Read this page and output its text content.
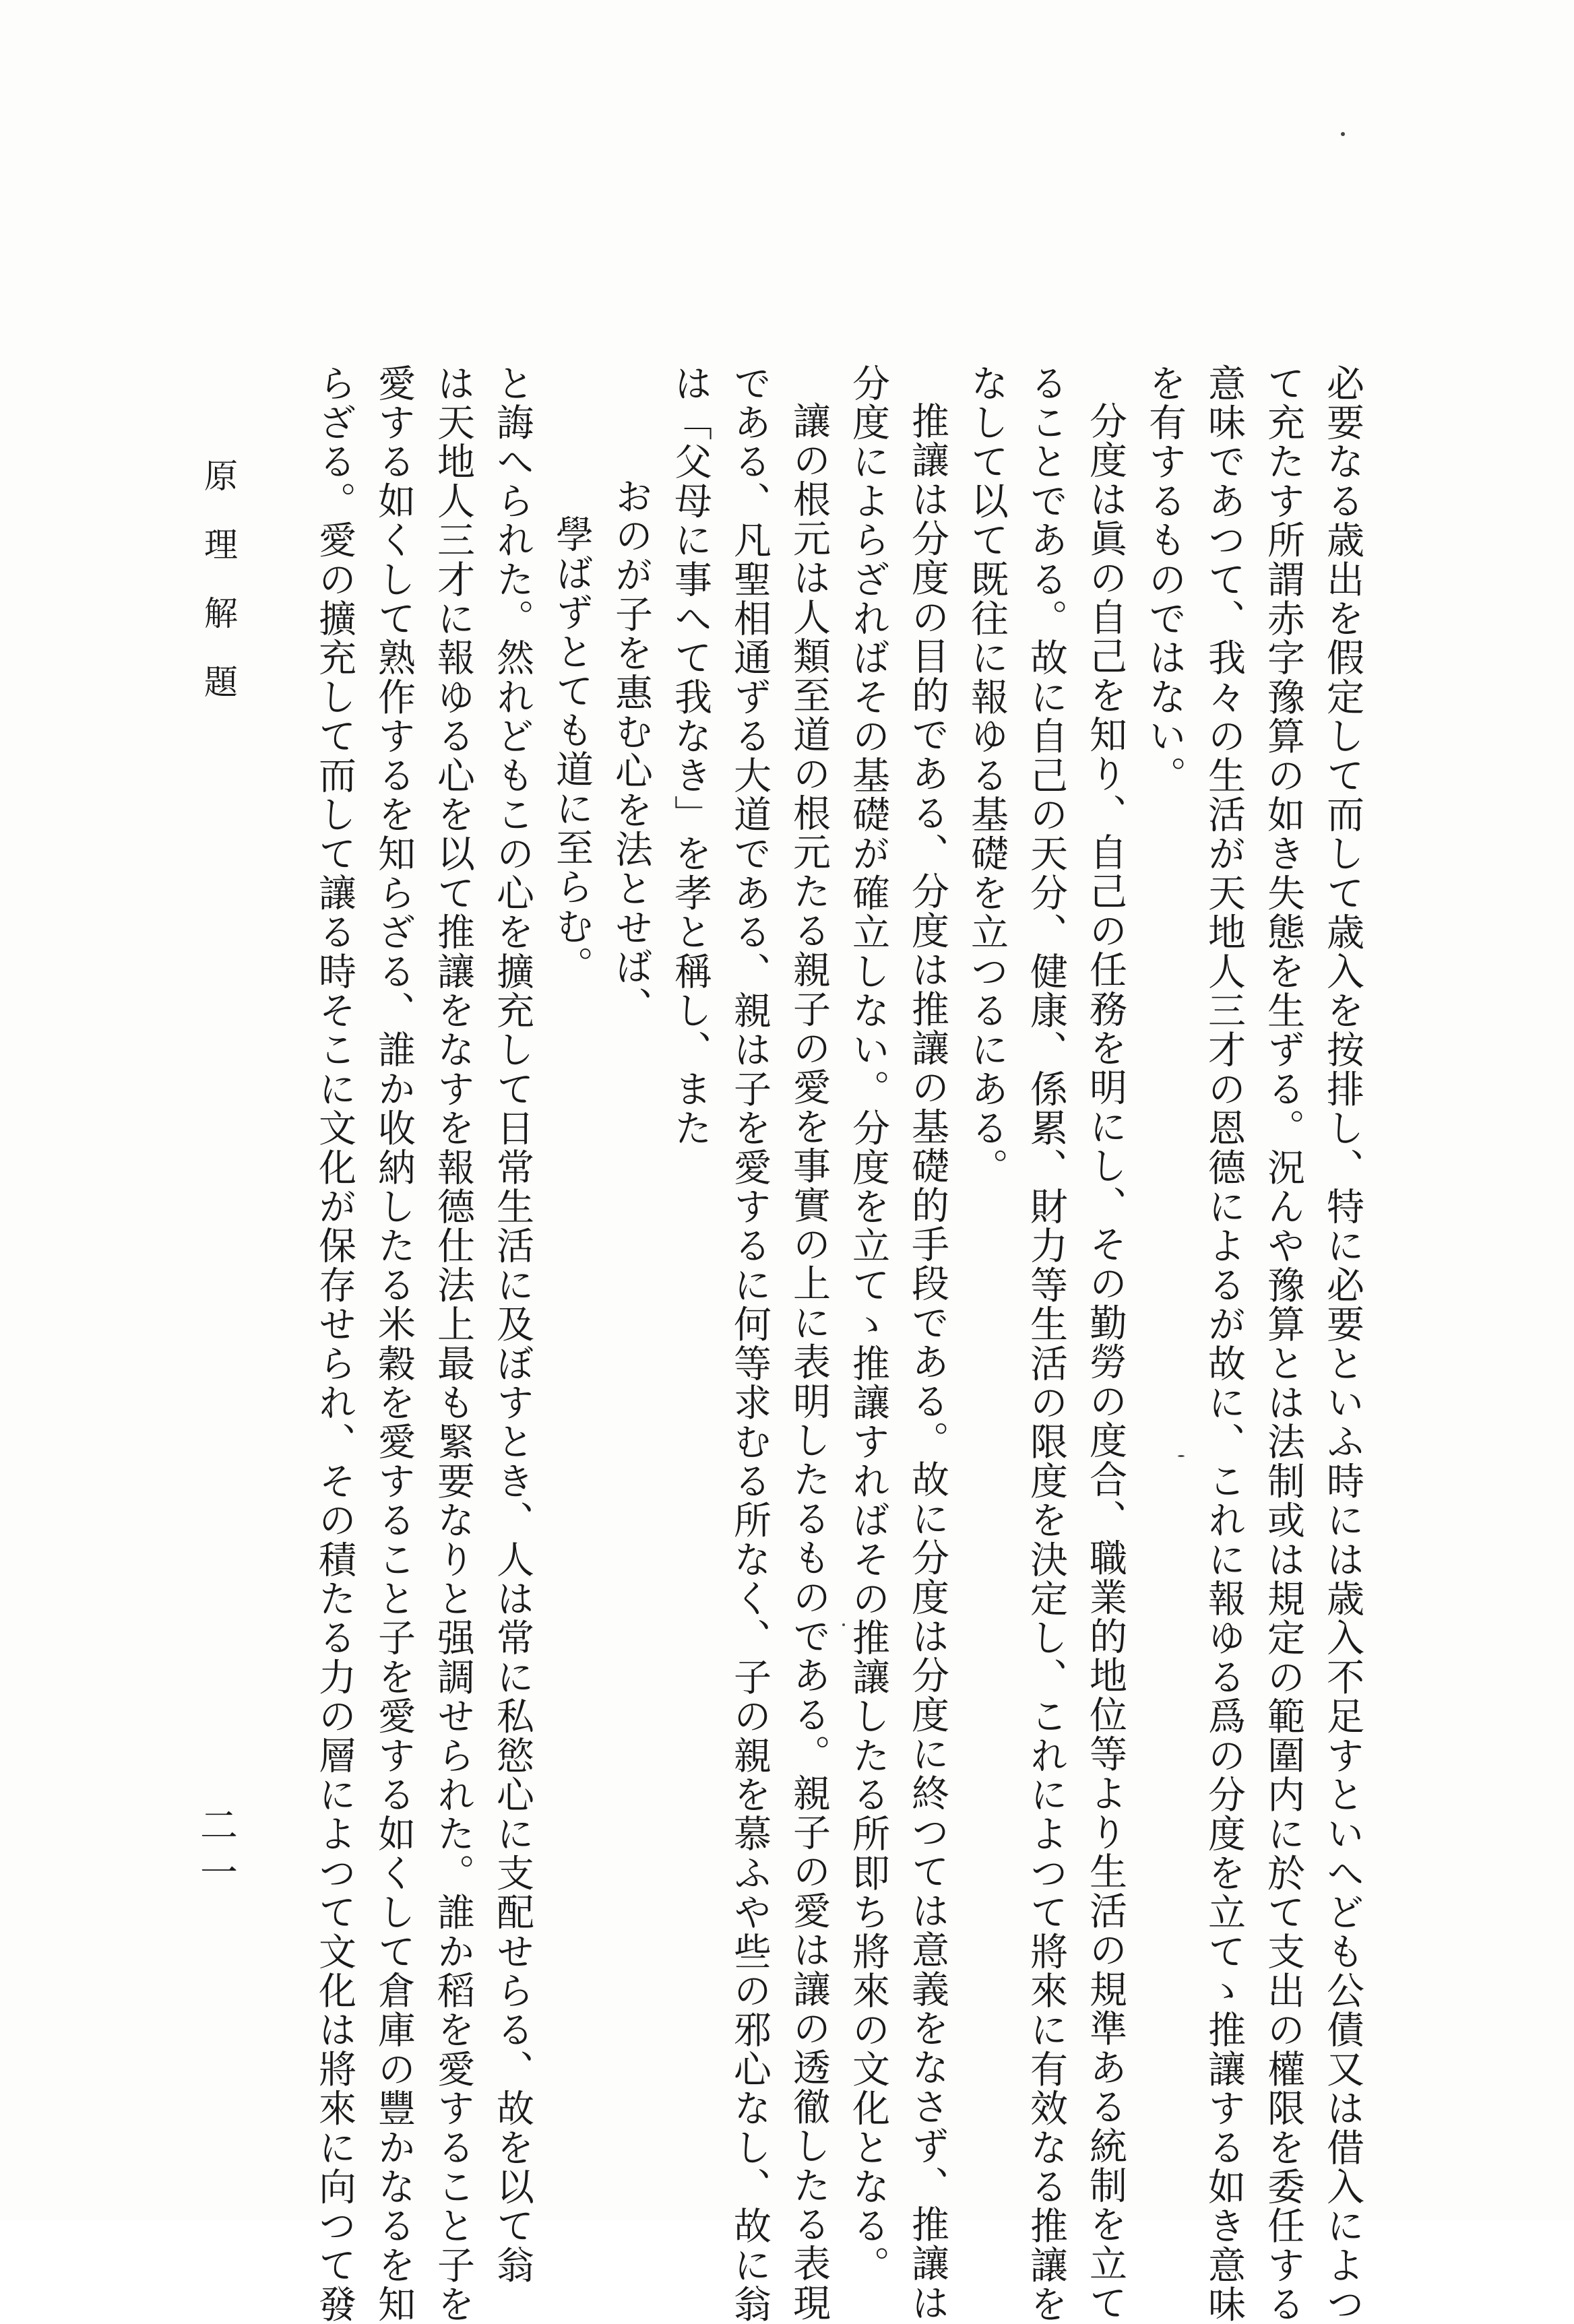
必要なる歳出を假定して而して歳入を按排し、特に必要といふ時には歳入不足すといへども公債又は借入によつ
て充たす所謂赤字豫算の如き失態を生ずる。況んや豫算とは法制或は規定の範圍内に於て支出の權限を委任する
意味であつて、我々の生活が天地人三才の恩德によるが故に、これに報ゆる爲の分度を立てゝ推讓する如き意味
を有するものではない。
分度は眞の自己を知り、自己の任務を明にし、その勤勞の度合、職業的地位等より生活の規準ある統制を立て
ることである。故に自己の天分、健康、係累、財力等生活の限度を決定し、これによつて將來に有效なる推讓を
なして以て既往に報ゆる基礎を立つるにある。
推讓は分度の目的である、分度は推讓の基礎的手段である。故に分度は分度に終つては意義をなさず、推讓は
分度によらざればその基礎が確立しない。分度を立てゝ推讓すればその推讓したる所即ち將來の文化となる。
讓の根元は人類至道の根元たる親子の愛を事實の上に表明したるものである。親子の愛は讓の透徹したる表現
である、凡聖相通ずる大道である、親は子を愛するに何等求むる所なく、子の親を慕ふや些の邪心なし、故に翁
は「父母に事へて我なき」を孝と稱し、また
おのが子を惠む心を法とせば、
學ばずとても道に至らむ。
と誨へられた。然れどもこの心を擴充して日常生活に及ぼすとき、人は常に私慾心に支配せらる、故を以て翁
は天地人三才に報ゆる心を以て推讓をなすを報德仕法上最も緊要なりと强調せられた。誰か稻を愛すること子を
愛する如くして熟作するを知らざる、誰か收納したる米穀を愛すること子を愛する如くして倉庫の豐かなるを知
らざる。愛の擴充して而して讓る時そこに文化が保存せられ、その積たる力の層によつて文化は將來に向つて發
原理解題
二一
